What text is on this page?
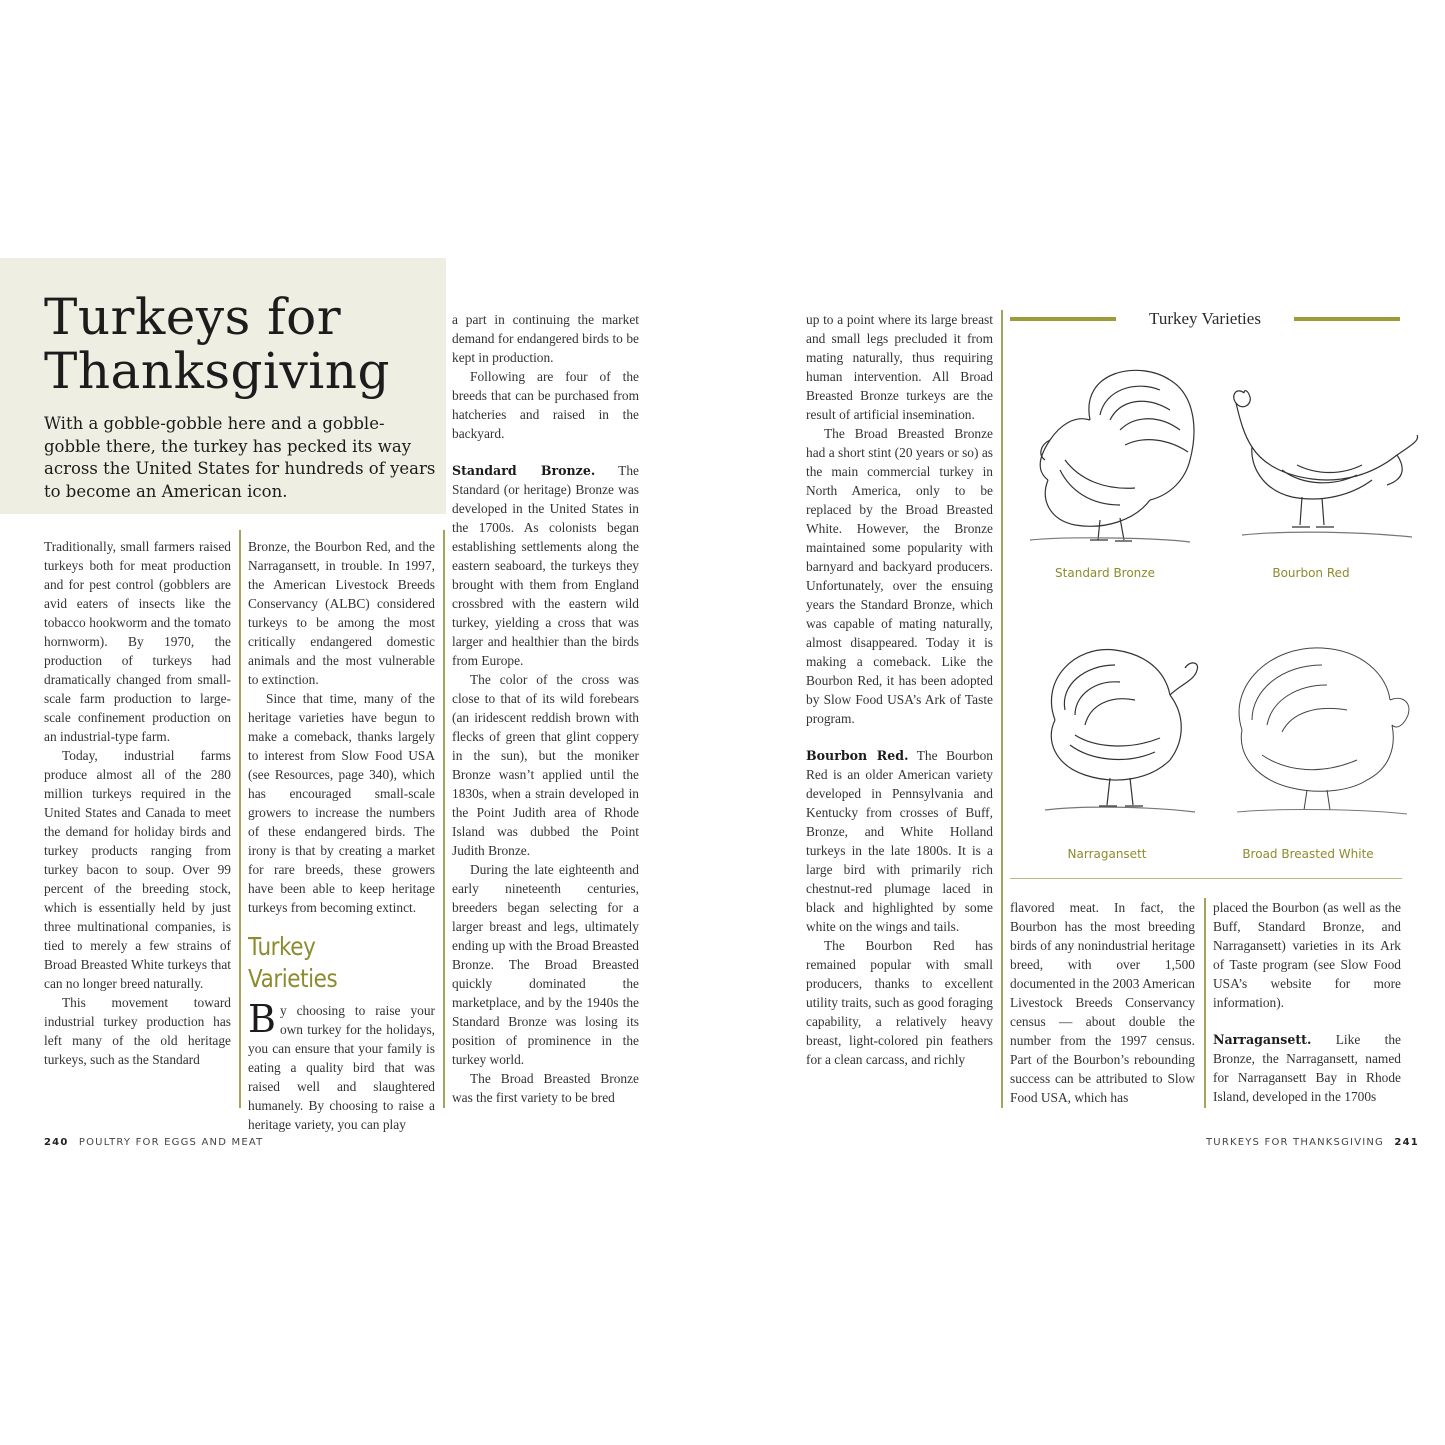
Turkeys for
Thanksgiving

With a gobble-gobble here and a gobble-gobble there, the turkey has pecked its way across the United States for hundreds of years to become an American icon.

Traditionally, small farmers raised turkeys both for meat production and for pest control (gobblers are avid eaters of insects like the tobacco hookworm and the tomato hornworm). By 1970, the production of turkeys had dramatically changed from small-scale farm production to large-scale confinement production on an industrial-type farm.

Today, industrial farms produce almost all of the 280 million turkeys required in the United States and Canada to meet the demand for holiday birds and turkey products ranging from turkey bacon to soup. Over 99 percent of the breeding stock, which is essentially held by just three multinational companies, is tied to merely a few strains of Broad Breasted White turkeys that can no longer breed naturally.

This movement toward industrial turkey production has left many of the old heritage turkeys, such as the Standard

Bronze, the Bourbon Red, and the Narragansett, in trouble. In 1997, the American Livestock Breeds Conservancy (ALBC) considered turkeys to be among the most critically endangered domestic animals and the most vulnerable to extinction.

Since that time, many of the heritage varieties have begun to make a comeback, thanks largely to interest from Slow Food USA (see Resources, page 340), which has encouraged small-scale growers to increase the numbers of these endangered birds. The irony is that by creating a market for rare breeds, these growers have been able to keep heritage turkeys from becoming extinct.

Turkey Varieties

By choosing to raise your own turkey for the holidays, you can ensure that your family is eating a quality bird that was raised well and slaughtered humanely. By choosing to raise a heritage variety, you can play

a part in continuing the market demand for endangered birds to be kept in production.

Following are four of the breeds that can be purchased from hatcheries and raised in the backyard.

Standard Bronze. The Standard (or heritage) Bronze was developed in the United States in the 1700s. As colonists began establishing settlements along the eastern seaboard, the turkeys they brought with them from England crossbred with the eastern wild turkey, yielding a cross that was larger and healthier than the birds from Europe.

The color of the cross was close to that of its wild forebears (an iridescent reddish brown with flecks of green that glint coppery in the sun), but the moniker Bronze wasn’t applied until the 1830s, when a strain developed in the Point Judith area of Rhode Island was dubbed the Point Judith Bronze.

During the late eighteenth and early nineteenth centuries, breeders began selecting for a larger breast and legs, ultimately ending up with the Broad Breasted Bronze. The Broad Breasted quickly dominated the marketplace, and by the 1940s the Standard Bronze was losing its position of prominence in the turkey world.

The Broad Breasted Bronze was the first variety to be bred

240 POULTRY FOR EGGS AND MEAT

up to a point where its large breast and small legs precluded it from mating naturally, thus requiring human intervention. All Broad Breasted Bronze turkeys are the result of artificial insemination.

The Broad Breasted Bronze had a short stint (20 years or so) as the main commercial turkey in North America, only to be replaced by the Broad Breasted White. However, the Bronze maintained some popularity with barnyard and backyard producers. Unfortunately, over the ensuing years the Standard Bronze, which was capable of mating naturally, almost disappeared. Today it is making a comeback. Like the Bourbon Red, it has been adopted by Slow Food USA’s Ark of Taste program.

Bourbon Red. The Bourbon Red is an older American variety developed in Pennsylvania and Kentucky from crosses of Buff, Bronze, and White Holland turkeys in the late 1800s. It is a large bird with primarily rich chestnut-red plumage laced in black and highlighted by some white on the wings and tails.

The Bourbon Red has remained popular with small producers, thanks to excellent utility traits, such as good foraging capability, a relatively heavy breast, light-colored pin feathers for a clean carcass, and richly

Turkey Varieties
Standard Bronze	Bourbon Red
Narragansett	Broad Breasted White

flavored meat. In fact, the Bourbon has the most breeding birds of any nonindustrial heritage breed, with over 1,500 documented in the 2003 American Livestock Breeds Conservancy census — about double the number from the 1997 census. Part of the Bourbon’s rebounding success can be attributed to Slow Food USA, which has

placed the Bourbon (as well as the Buff, Standard Bronze, and Narragansett) varieties in its Ark of Taste program (see Slow Food USA’s website for more information).

Narragansett. Like the Bronze, the Narragansett, named for Narragansett Bay in Rhode Island, developed in the 1700s

TURKEYS FOR THANKSGIVING 241
